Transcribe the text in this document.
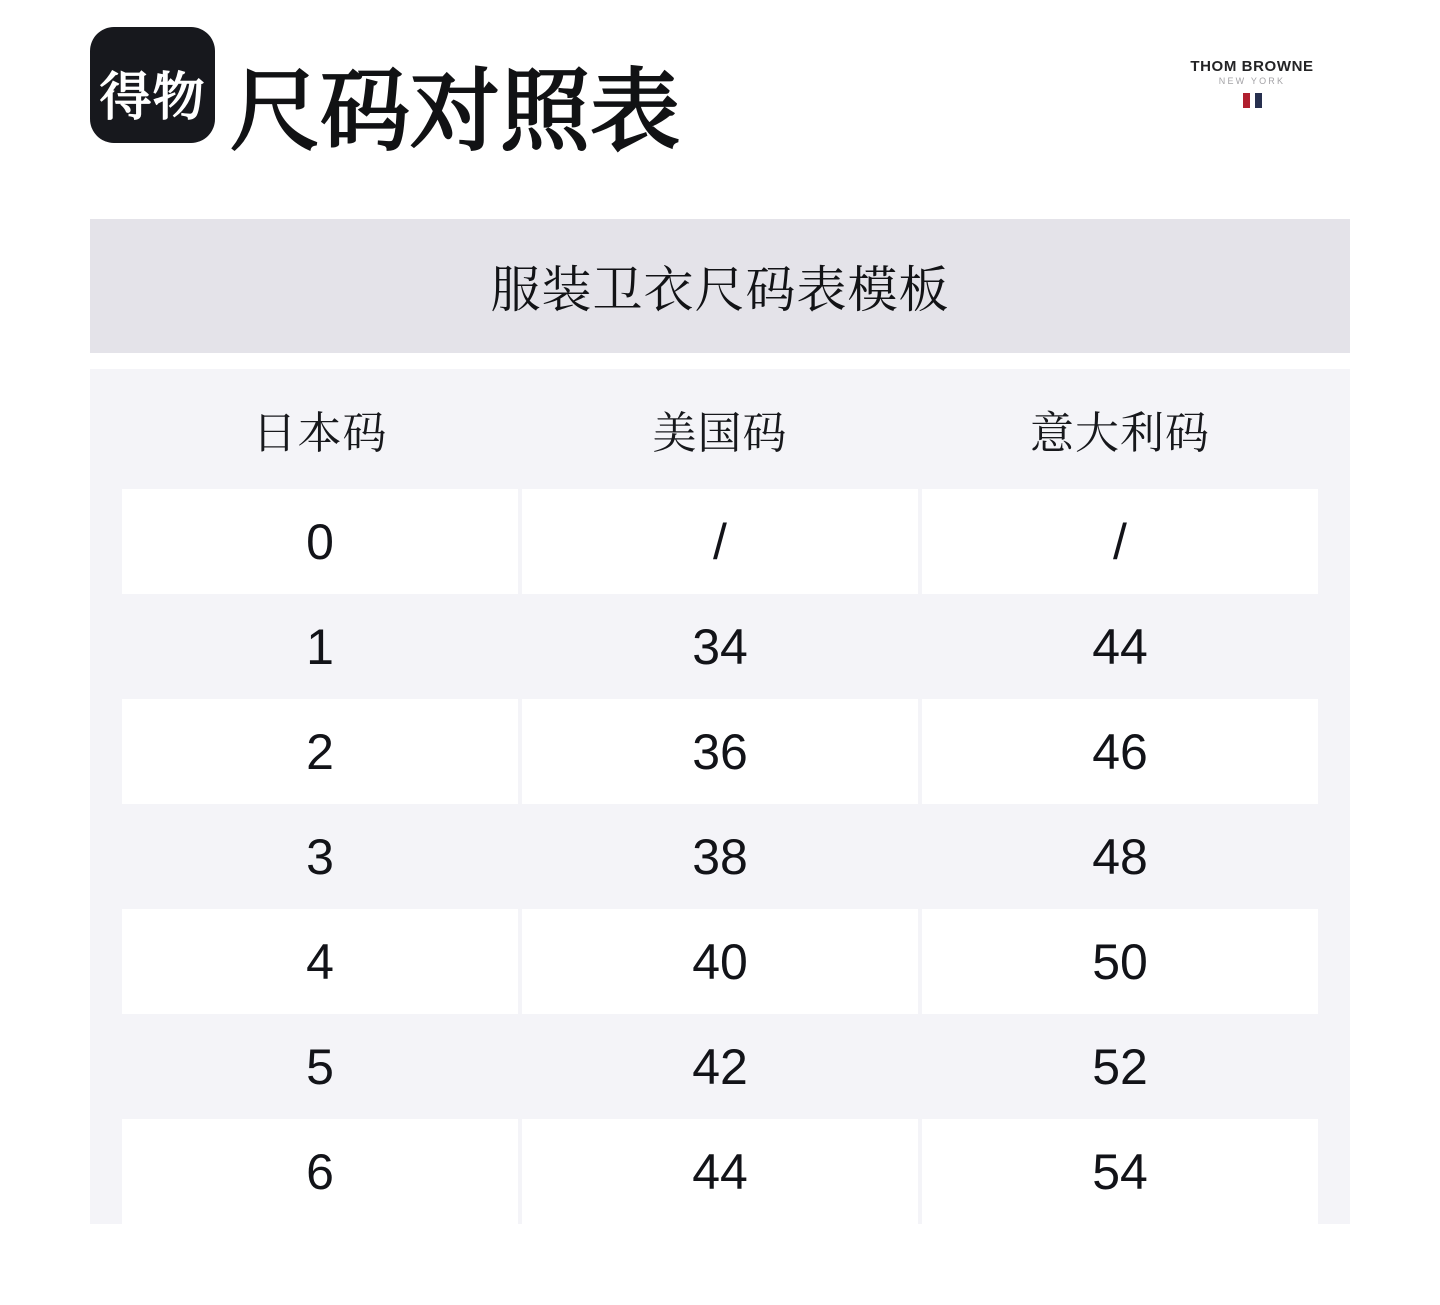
得物 尺码对照表	THOM BROWNE
NEW YORK
服装卫衣尺码表模板
日本码	美国码	意大利码
0	/	/
1	34	44
2	36	46
3	38	48
4	40	50
5	42	52
6	44	54
